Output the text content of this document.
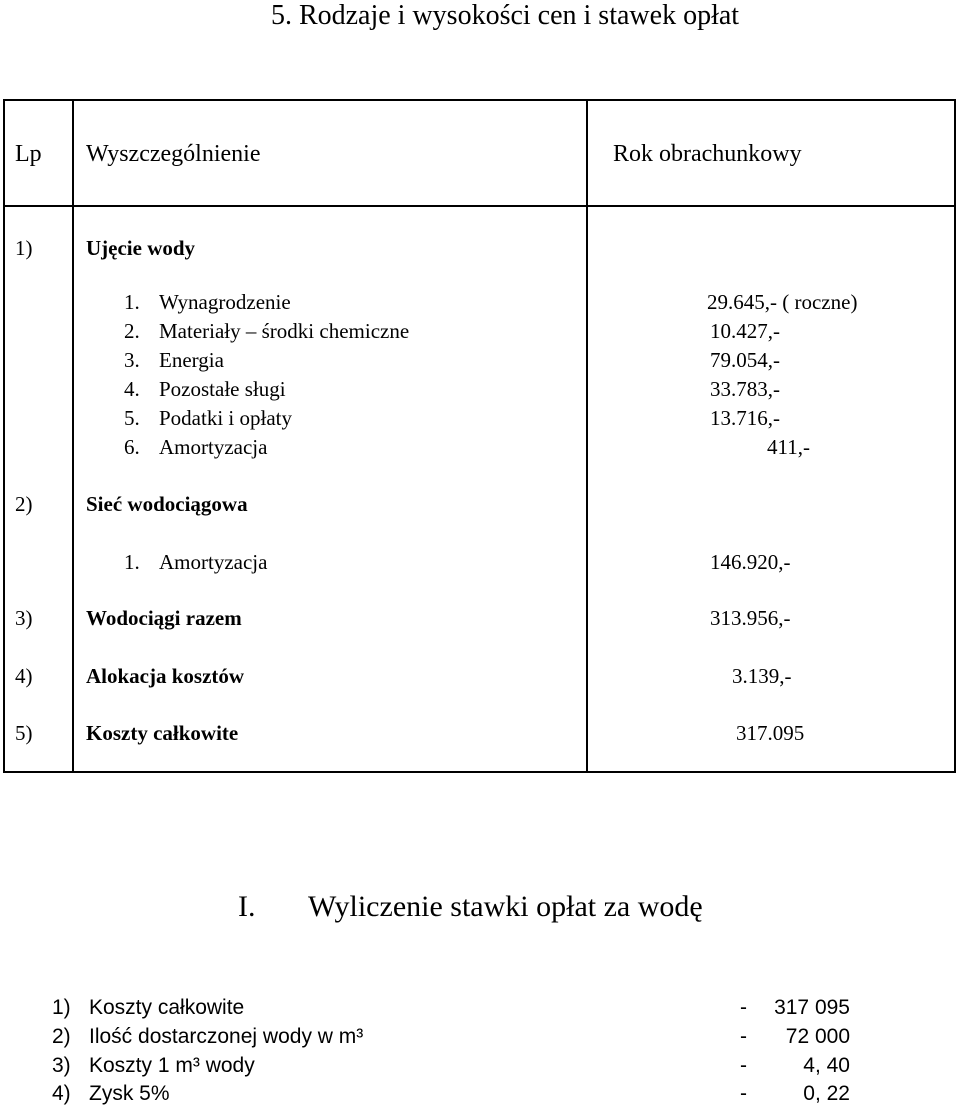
5. Rodzaje i wysokości cen i stawek opłat
Lp Wyszczególnienie	Rok obrachunkowy
1)	Ujęcie wody
1. Wynagrodzenie	29.645,- ( roczne)
2. Materiały – środki chemiczne	10.427,-
3. Energia	79.054,-
4. Pozostałe sługi	33.783,-
5. Podatki i opłaty	13.716,-
6. Amortyzacja	411,-
2)	Sieć wodociągowa
1. Amortyzacja	146.920,-
3)	Wodociągi razem	313.956,-
4)	Alokacja kosztów	3.139,-
5)	Koszty całkowite	317.095
I. Wyliczenie stawki opłat za wodę
1) Koszty całkowite	-	317 095
2) Ilość dostarczonej wody w m³	-	72 000
3) Koszty 1 m³ wody	-	4, 40
4) Zysk 5%	-	0, 22
